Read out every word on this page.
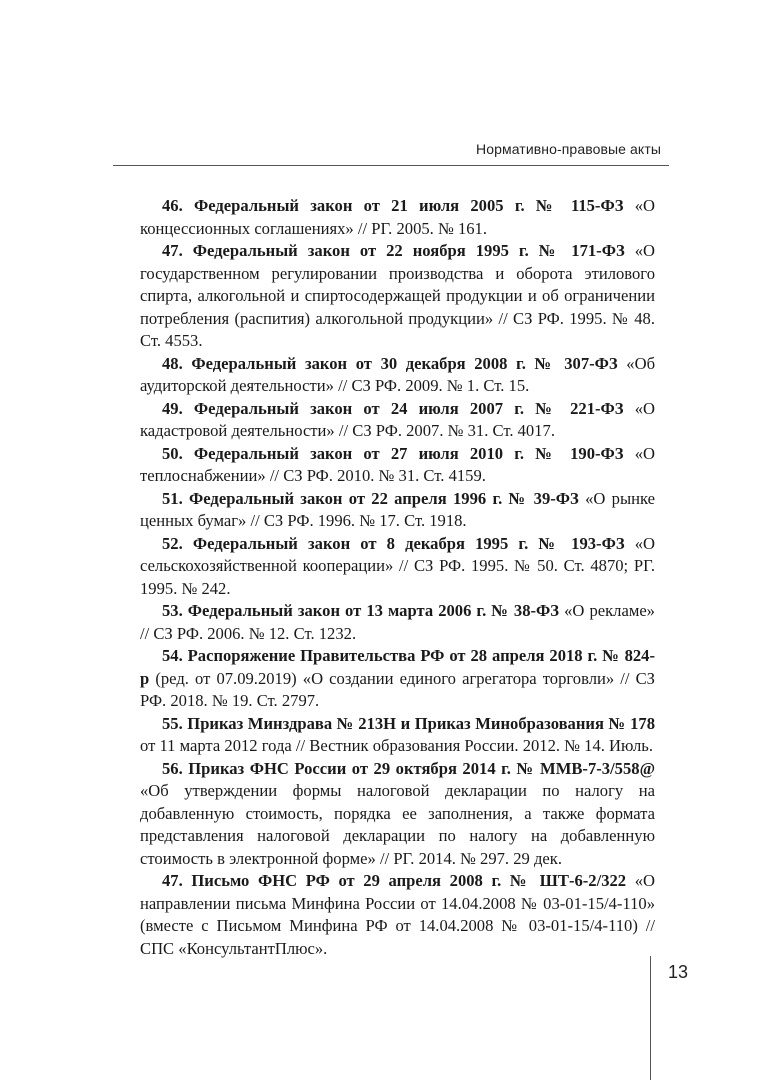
Нормативно-правовые акты

46. Федеральный закон от 21 июля 2005 г. № 115-ФЗ «О концессионных соглашениях» // РГ. 2005. № 161.

47. Федеральный закон от 22 ноября 1995 г. № 171-ФЗ «О государственном регулировании производства и оборота этилового спирта, алкогольной и спиртосодержащей продукции и об ограничении потребления (распития) алкогольной продукции» // СЗ РФ. 1995. № 48. Ст. 4553.

48. Федеральный закон от 30 декабря 2008 г. № 307-ФЗ «Об аудиторской деятельности» // СЗ РФ. 2009. № 1. Ст. 15.

49. Федеральный закон от 24 июля 2007 г. № 221-ФЗ «О кадастровой деятельности» // СЗ РФ. 2007. № 31. Ст. 4017.

50. Федеральный закон от 27 июля 2010 г. № 190-ФЗ «О теплоснабжении» // СЗ РФ. 2010. № 31. Ст. 4159.

51. Федеральный закон от 22 апреля 1996 г. № 39-ФЗ «О рынке ценных бумаг» // СЗ РФ. 1996. № 17. Ст. 1918.

52. Федеральный закон от 8 декабря 1995 г. № 193-ФЗ «О сельскохозяйственной кооперации» // СЗ РФ. 1995. № 50. Ст. 4870; РГ. 1995. № 242.

53. Федеральный закон от 13 марта 2006 г. № 38-ФЗ «О рекламе» // СЗ РФ. 2006. № 12. Ст. 1232.

54. Распоряжение Правительства РФ от 28 апреля 2018 г. № 824-р (ред. от 07.09.2019) «О создании единого агрегатора торговли» // СЗ РФ. 2018. № 19. Ст. 2797.

55. Приказ Минздрава № 213Н и Приказ Минобразования № 178 от 11 марта 2012 года // Вестник образования России. 2012. № 14. Июль.

56. Приказ ФНС России от 29 октября 2014 г. № ММВ-7-3/558@ «Об утверждении формы налоговой декларации по налогу на добавленную стоимость, порядка ее заполнения, а также формата представления налоговой декларации по налогу на добавленную стоимость в электронной форме» // РГ. 2014. № 297. 29 дек.

47. Письмо ФНС РФ от 29 апреля 2008 г. № ШТ-6-2/322 «О направлении письма Минфина России от 14.04.2008 № 03-01-15/4-110» (вместе с Письмом Минфина РФ от 14.04.2008 № 03-01-15/4-110) // СПС «КонсультантПлюс».

13
